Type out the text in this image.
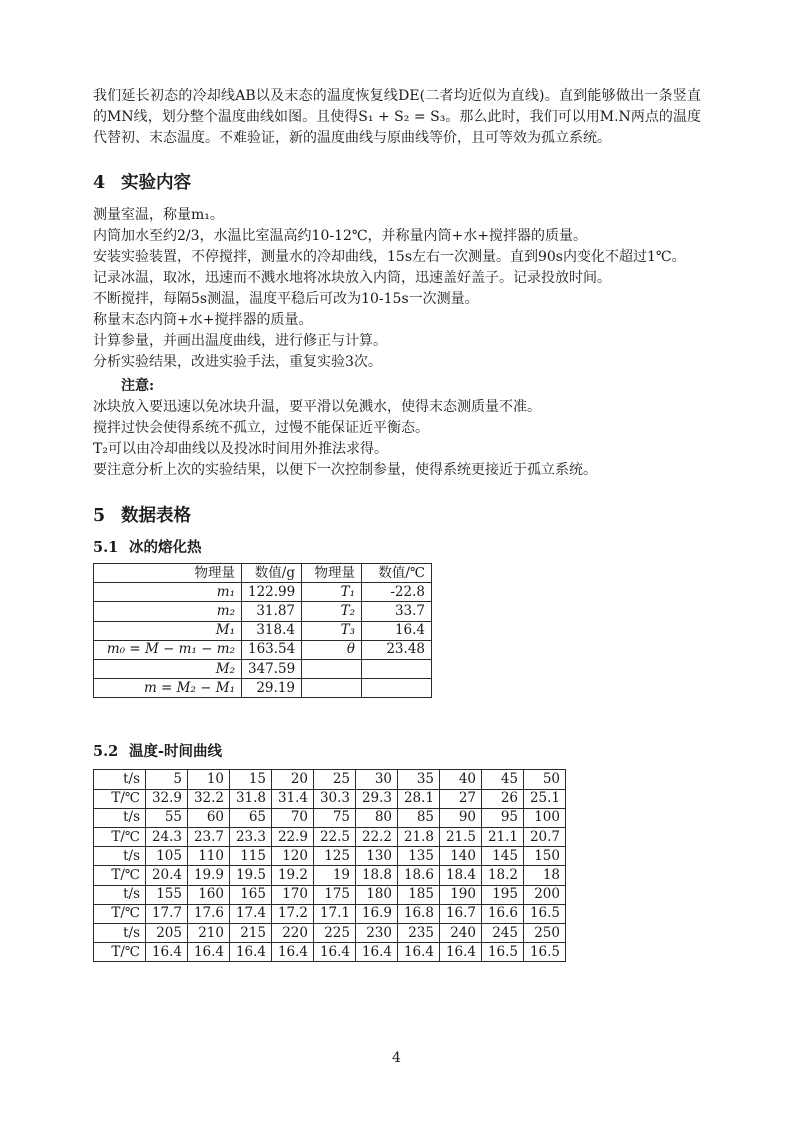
我们延长初态的冷却线AB以及末态的温度恢复线DE(二者均近似为直线)。直到能够做出一条竖直的MN线，划分整个温度曲线如图。且使得S₁ + S₂ = S₃。那么此时，我们可以用M.N两点的温度代替初、末态温度。不难验证，新的温度曲线与原曲线等价，且可等效为孤立系统。

4 实验内容
测量室温，称量m₁。
内筒加水至约2/3，水温比室温高约10-12℃，并称量内筒+水+搅拌器的质量。
安装实验装置，不停搅拌，测量水的冷却曲线，15s左右一次测量。直到90s内变化不超过1℃。
记录冰温，取冰，迅速而不溅水地将冰块放入内筒，迅速盖好盖子。记录投放时间。
不断搅拌，每隔5s测温，温度平稳后可改为10-15s一次测量。
称量末态内筒+水+搅拌器的质量。
计算参量，并画出温度曲线，进行修正与计算。
分析实验结果，改进实验手法，重复实验3次。
注意:
冰块放入要迅速以免冰块升温，要平滑以免溅水，使得末态测质量不准。
搅拌过快会使得系统不孤立，过慢不能保证近平衡态。
T₂可以由冷却曲线以及投冰时间用外推法求得。
要注意分析上次的实验结果，以便下一次控制参量，使得系统更接近于孤立系统。
5 数据表格
5.1 冰的熔化热
物理量	数值/g	物理量	数值/℃
m₁	122.99	T₁	-22.8
m₂	31.87	T₂	33.7
M₁	318.4	T₃	16.4
m₀ = M − m₁ − m₂	163.54	θ	23.48
M₂	347.59		
m = M₂ − M₁	29.19		
5.2 温度-时间曲线
t/s	5	10	15	20	25	30	35	40	45	50
T/℃	32.9	32.2	31.8	31.4	30.3	29.3	28.1	27	26	25.1
t/s	55	60	65	70	75	80	85	90	95	100
T/℃	24.3	23.7	23.3	22.9	22.5	22.2	21.8	21.5	21.1	20.7
t/s	105	110	115	120	125	130	135	140	145	150
T/℃	20.4	19.9	19.5	19.2	19	18.8	18.6	18.4	18.2	18
t/s	155	160	165	170	175	180	185	190	195	200
T/℃	17.7	17.6	17.4	17.2	17.1	16.9	16.8	16.7	16.6	16.5
t/s	205	210	215	220	225	230	235	240	245	250
T/℃	16.4	16.4	16.4	16.4	16.4	16.4	16.4	16.4	16.5	16.5
4
